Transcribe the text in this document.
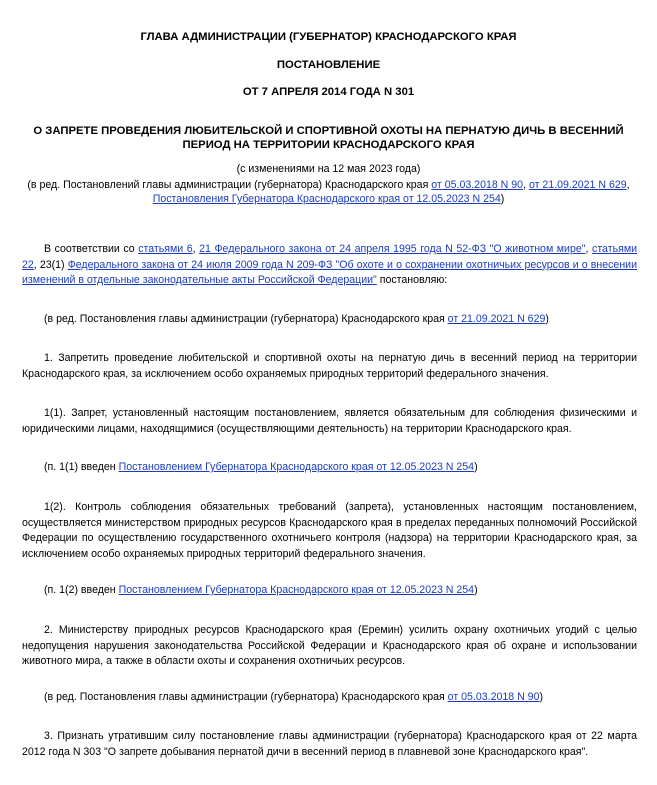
ГЛАВА АДМИНИСТРАЦИИ (ГУБЕРНАТОР) КРАСНОДАРСКОГО КРАЯ
ПОСТАНОВЛЕНИЕ
ОТ 7 АПРЕЛЯ 2014 ГОДА N 301
О ЗАПРЕТЕ ПРОВЕДЕНИЯ ЛЮБИТЕЛЬСКОЙ И СПОРТИВНОЙ ОХОТЫ НА ПЕРНАТУЮ ДИЧЬ В ВЕСЕННИЙ ПЕРИОД НА ТЕРРИТОРИИ КРАСНОДАРСКОГО КРАЯ
(с изменениями на 12 мая 2023 года)
(в ред. Постановлений главы администрации (губернатора) Краснодарского края от 05.03.2018 N 90, от 21.09.2021 N 629, Постановления Губернатора Краснодарского края от 12.05.2023 N 254)
В соответствии со статьями 6, 21 Федерального закона от 24 апреля 1995 года N 52-ФЗ "О животном мире", статьями 22, 23(1) Федерального закона от 24 июля 2009 года N 209-ФЗ "Об охоте и о сохранении охотничьих ресурсов и о внесении изменений в отдельные законодательные акты Российской Федерации" постановляю:
(в ред. Постановления главы администрации (губернатора) Краснодарского края от 21.09.2021 N 629)
1. Запретить проведение любительской и спортивной охоты на пернатую дичь в весенний период на территории Краснодарского края, за исключением особо охраняемых природных территорий федерального значения.
1(1). Запрет, установленный настоящим постановлением, является обязательным для соблюдения физическими и юридическими лицами, находящимися (осуществляющими деятельность) на территории Краснодарского края.
(п. 1(1) введен Постановлением Губернатора Краснодарского края от 12.05.2023 N 254)
1(2). Контроль соблюдения обязательных требований (запрета), установленных настоящим постановлением, осуществляется министерством природных ресурсов Краснодарского края в пределах переданных полномочий Российской Федерации по осуществлению государственного охотничьего контроля (надзора) на территории Краснодарского края, за исключением особо охраняемых природных территорий федерального значения.
(п. 1(2) введен Постановлением Губернатора Краснодарского края от 12.05.2023 N 254)
2. Министерству природных ресурсов Краснодарского края (Еремин) усилить охрану охотничьих угодий с целью недопущения нарушения законодательства Российской Федерации и Краснодарского края об охране и использовании животного мира, а также в области охоты и сохранения охотничьих ресурсов.
(в ред. Постановления главы администрации (губернатора) Краснодарского края от 05.03.2018 N 90)
3. Признать утратившим силу постановление главы администрации (губернатора) Краснодарского края от 22 марта 2012 года N 303 "О запрете добывания пернатой дичи в весенний период в плавневой зоне Краснодарского края".
